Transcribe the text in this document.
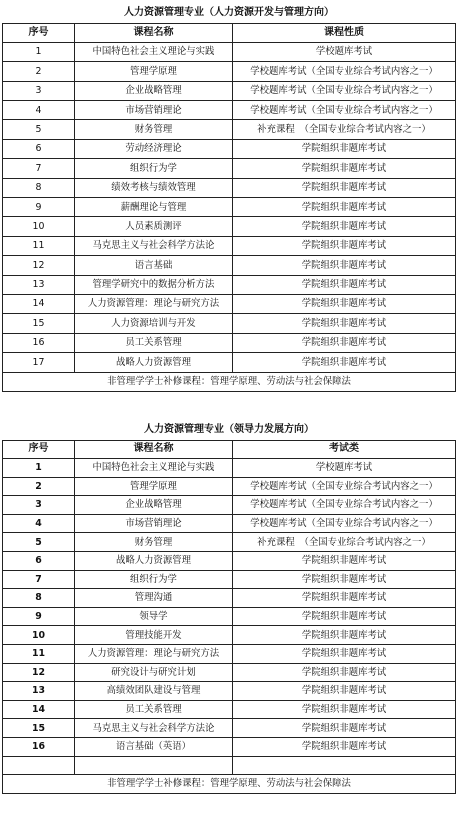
人力资源管理专业（人力资源开发与管理方向）		
序号	课程名称	课程性质
1	中国特色社会主义理论与实践	学校题库考试
2	管理学原理	学校题库考试（全国专业综合考试内容之一）
3	企业战略管理	学校题库考试（全国专业综合考试内容之一）
4	市场营销理论	学校题库考试（全国专业综合考试内容之一）
5	财务管理	补充课程　（全国专业综合考试内容之一）
6	劳动经济理论	学院组织非题库考试
7	组织行为学	学院组织非题库考试
8	绩效考核与绩效管理	学院组织非题库考试
9	薪酬理论与管理	学院组织非题库考试
10	人员素质测评	学院组织非题库考试
11	马克思主义与社会科学方法论	学院组织非题库考试
12	语言基础	学院组织非题库考试
13	管理学研究中的数据分析方法	学院组织非题库考试
14	人力资源管理：理论与研究方法	学院组织非题库考试
15	人力资源培训与开发	学院组织非题库考试
16	员工关系管理	学院组织非题库考试
17	战略人力资源管理	学院组织非题库考试
非管理学学士补修课程：管理学原理、劳动法与社会保障法		
人力资源管理专业（领导力发展方向）		
序号	课程名称	考试类
1	中国特色社会主义理论与实践	学校题库考试
2	管理学原理	学校题库考试（全国专业综合考试内容之一）
3	企业战略管理	学校题库考试（全国专业综合考试内容之一）
4	市场营销理论	学校题库考试（全国专业综合考试内容之一）
5	财务管理	补充课程　（全国专业综合考试内容之一）
6	战略人力资源管理	学院组织非题库考试
7	组织行为学	学院组织非题库考试
8	管理沟通	学院组织非题库考试
9	领导学	学院组织非题库考试
10	管理技能开发	学院组织非题库考试
11	人力资源管理：理论与研究方法	学院组织非题库考试
12	研究设计与研究计划	学院组织非题库考试
13	高绩效团队建设与管理	学院组织非题库考试
14	员工关系管理	学院组织非题库考试
15	马克思主义与社会科学方法论	学院组织非题库考试
16	语言基础（英语）	学院组织非题库考试

非管理学学士补修课程：管理学原理、劳动法与社会保障法		
